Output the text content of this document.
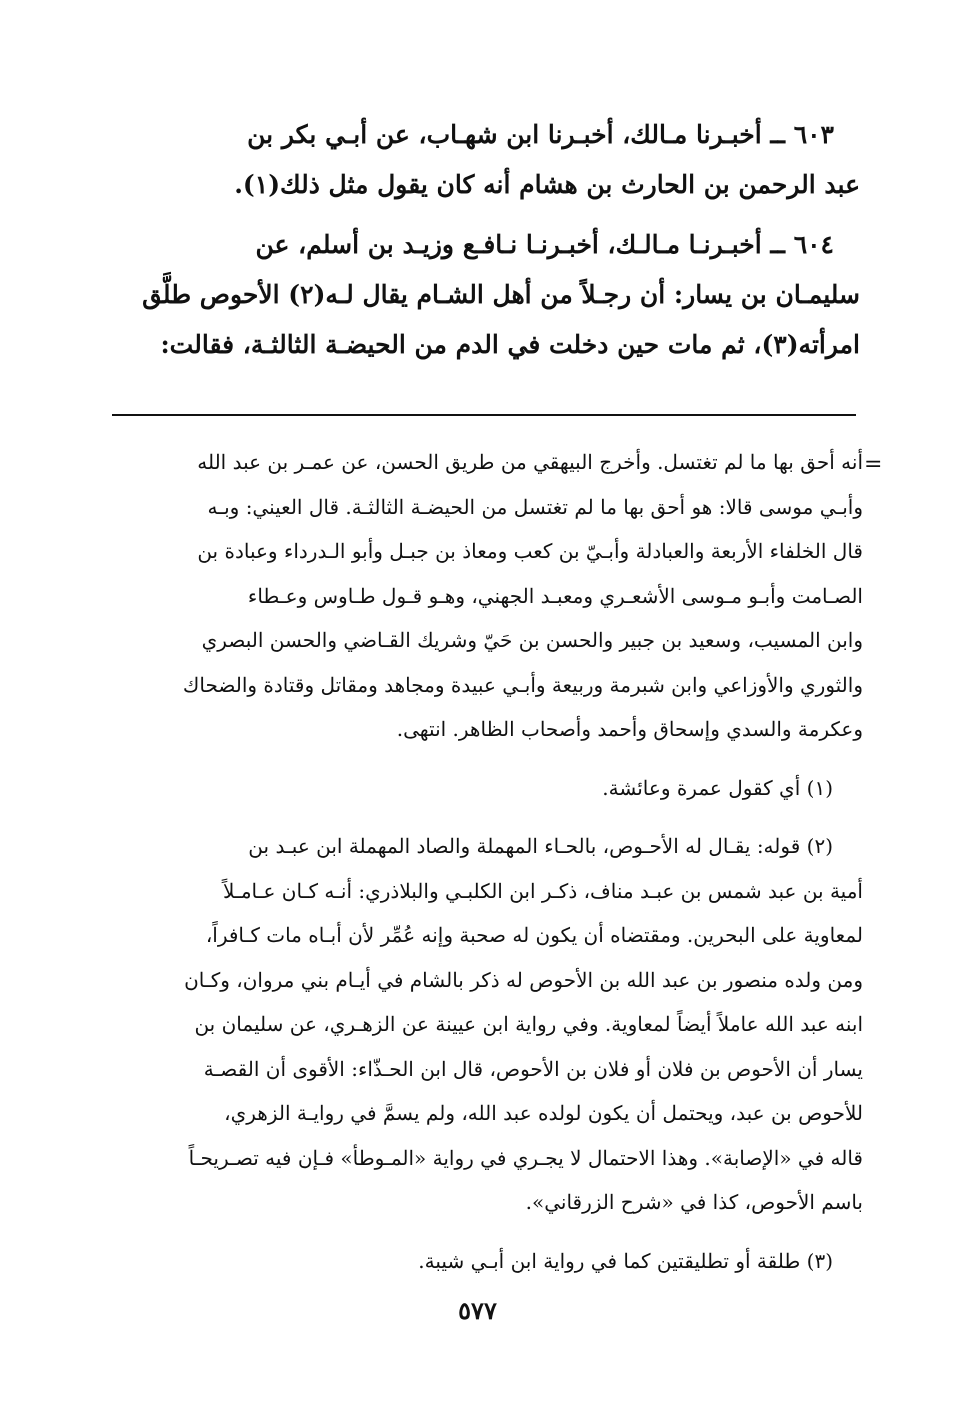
٦٠٣ ــ أخبـرنا مـالك، أخبـرنا ابن شهـاب، عن أبـي بكر بن
عبد الرحمن بن الحارث بن هشام أنه كان يقول مثل ذلك(١).
٦٠٤ ــ أخبـرنـا مـالـك، أخبـرنـا نـافـع وزيـد بن أسلم، عن
سليمـان بن يسار: أن رجـلاً من أهل الشـام يقال لـه(٢) الأحوص طلَّق
امرأته(٣)، ثم مات حين دخلت في الدم من الحيضـة الثالثـة، فقالت:
=
أنه أحق بها ما لم تغتسل. وأخرج البيهقي من طريق الحسن، عن عمـر بن عبد الله
وأبـي موسى قالا: هو أحق بها ما لم تغتسل من الحيضـة الثالثـة. قال العيني: وبـه
قال الخلفاء الأربعة والعبادلة وأبـيّ بن كعب ومعاذ بن جبـل وأبو الـدرداء وعبادة بن
الصـامت وأبـو مـوسى الأشعـري ومعبـد الجهني، وهـو قـول طـاوس وعـطاء
وابن المسيب، وسعيد بن جبير والحسن بن حَيّ وشريك القـاضي والحسن البصري
والثوري والأوزاعي وابن شبرمة وربيعة وأبـي عبيدة ومجاهد ومقاتل وقتادة والضحاك
وعكرمة والسدي وإسحاق وأحمد وأصحاب الظاهر. انتهى.
(١) أي كقول عمرة وعائشة.
(٢) قوله: يقـال له الأحـوص، بالحـاء المهملة والصاد المهملة ابن عبـد بن
أمية بن عبد شمس بن عبـد مناف، ذكـر ابن الكلبـي والبلاذري: أنـه كـان عـامـلاً
لمعاوية على البحرين. ومقتضاه أن يكون له صحبة وإنه عُمِّر لأن أبـاه مات كـافراً،
ومن ولده منصور بن عبد الله بن الأحوص له ذكر بالشام في أيـام بني مروان، وكـان
ابنه عبد الله عاملاً أيضاً لمعاوية. وفي رواية ابن عيينة عن الزهـري، عن سليمان بن
يسار أن الأحوص بن فلان أو فلان بن الأحوص، قال ابن الحـذّاء: الأقوى أن القصـة
للأحوص بن عبد، ويحتمل أن يكون لولده عبد الله، ولم يسمَّ في روايـة الزهري،
قاله في «الإصابة». وهذا الاحتمال لا يجـري في رواية «المـوطأ» فـإن فيه تصـريحـاً
باسم الأحوص، كذا في «شرح الزرقاني».
(٣) طلقة أو تطليقتين كما في رواية ابن أبـي شيبة.
٥٧٧
